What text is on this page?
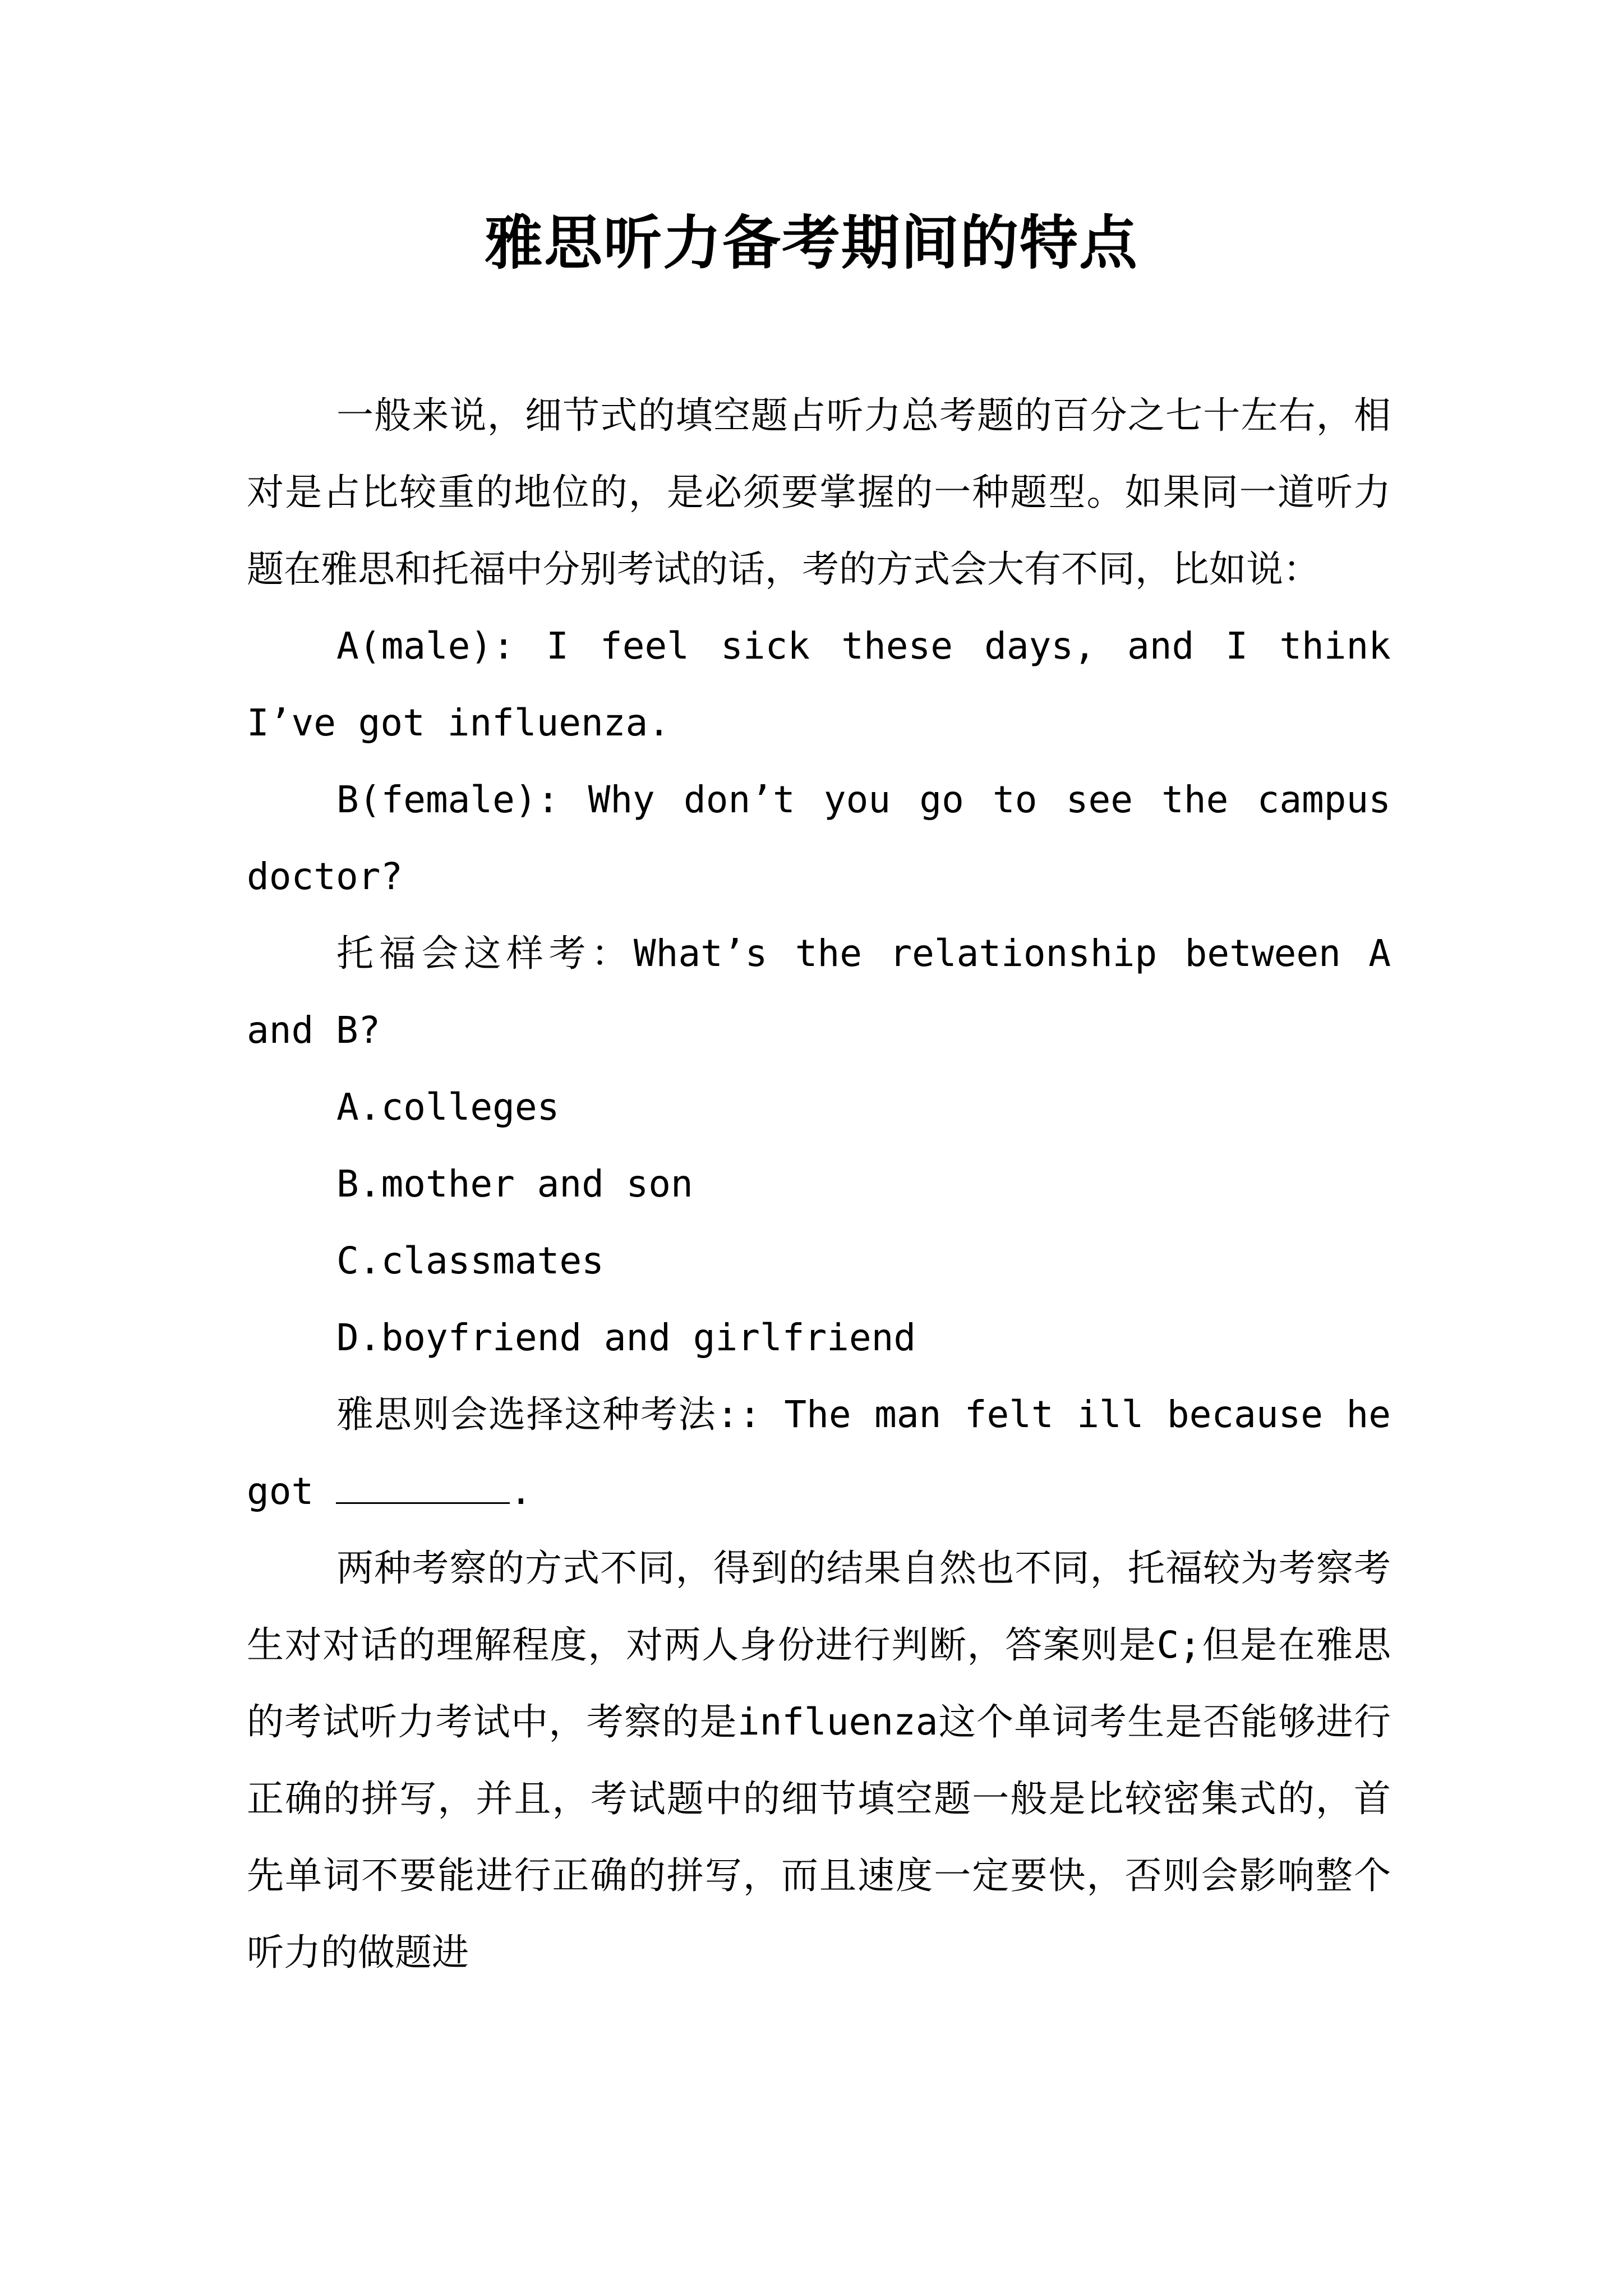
雅思听力备考期间的特点

一般来说，细节式的填空题占听力总考题的百分之七十左右，相对是占比较重的地位的，是必须要掌握的一种题型。如果同一道听力题在雅思和托福中分别考试的话，考的方式会大有不同，比如说：

A(male): I feel sick these days, and I think I’ve got influenza.

B(female): Why don’t you go to see the campus doctor?

托福会这样考：What’s the relationship between A and B?

A.colleges

B.mother and son

C.classmates

D.boyfriend and girlfriend

雅思则会选择这种考法:: The man felt ill because he got	.

两种考察的方式不同，得到的结果自然也不同，托福较为考察考生对对话的理解程度，对两人身份进行判断，答案则是C;但是在雅思的考试听力考试中，考察的是influenza这个单词考生是否能够进行正确的拼写，并且，考试题中的细节填空题一般是比较密集式的，首先单词不要能进行正确的拼写，而且速度一定要快，否则会影响整个听力的做题进
